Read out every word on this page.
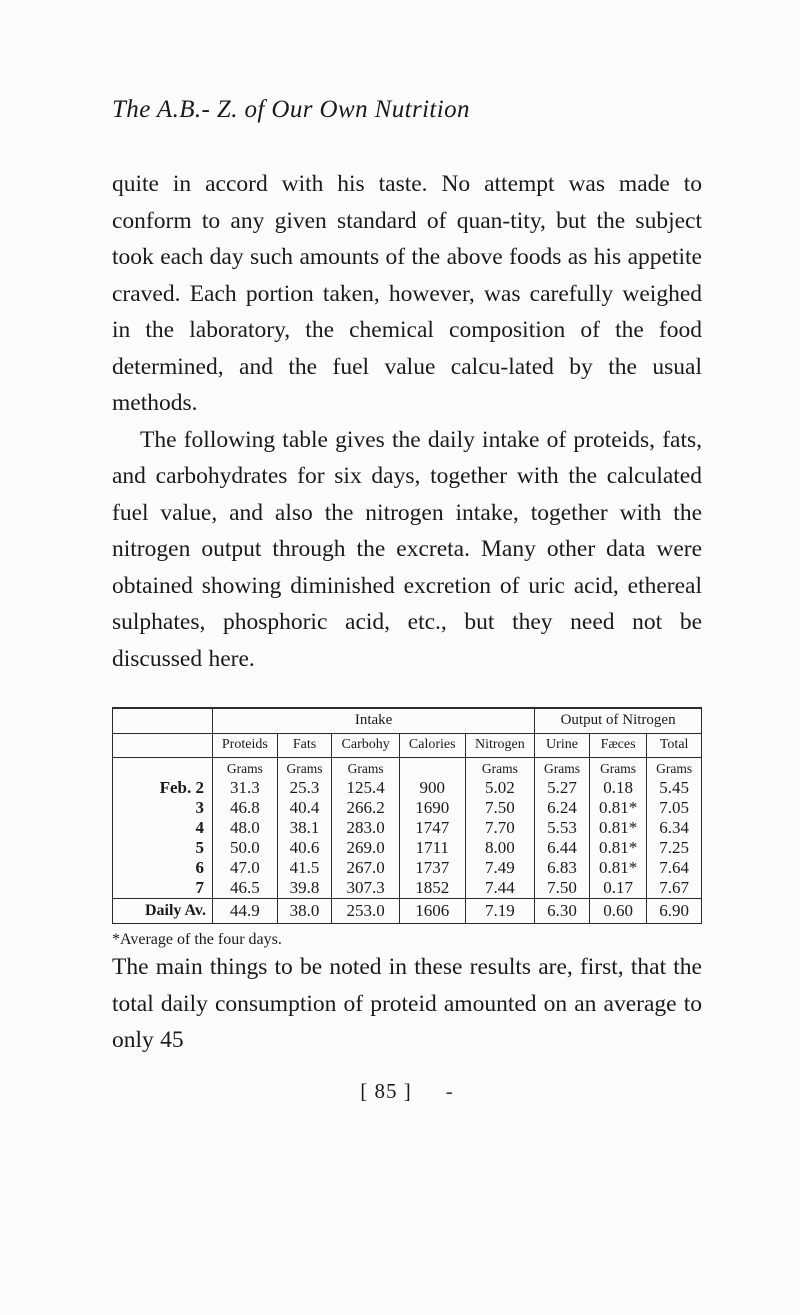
The A.B.- Z. of Our Own Nutrition

quite in accord with his taste. No attempt was made to conform to any given standard of quan-tity, but the subject took each day such amounts of the above foods as his appetite craved. Each portion taken, however, was carefully weighed in the laboratory, the chemical composition of the food determined, and the fuel value calcu-lated by the usual methods.

The following table gives the daily intake of proteids, fats, and carbohydrates for six days, together with the calculated fuel value, and also the nitrogen intake, together with the nitrogen output through the excreta. Many other data were obtained showing diminished excretion of uric acid, ethereal sulphates, phosphoric acid, etc., but they need not be discussed here.

	Intake					Output of Nitrogen		
	Proteids	Fats	Carbohy	Calories	Nitrogen	Urine	Fæces	Total
	Grams	Grams	Grams		Grams	Grams	Grams	Grams
Feb. 2	31.3	25.3	125.4	900	5.02	5.27	0.18	5.45
3	46.8	40.4	266.2	1690	7.50	6.24	0.81*	7.05
4	48.0	38.1	283.0	1747	7.70	5.53	0.81*	6.34
5	50.0	40.6	269.0	1711	8.00	6.44	0.81*	7.25
6	47.0	41.5	267.0	1737	7.49	6.83	0.81*	7.64
7	46.5	39.8	307.3	1852	7.44	7.50	0.17	7.67
Daily Av.	44.9	38.0	253.0	1606	7.19	6.30	0.60	6.90

*Average of the four days.

The main things to be noted in these results are, first, that the total daily consumption of proteid amounted on an average to only 45

[ 85 ] -
